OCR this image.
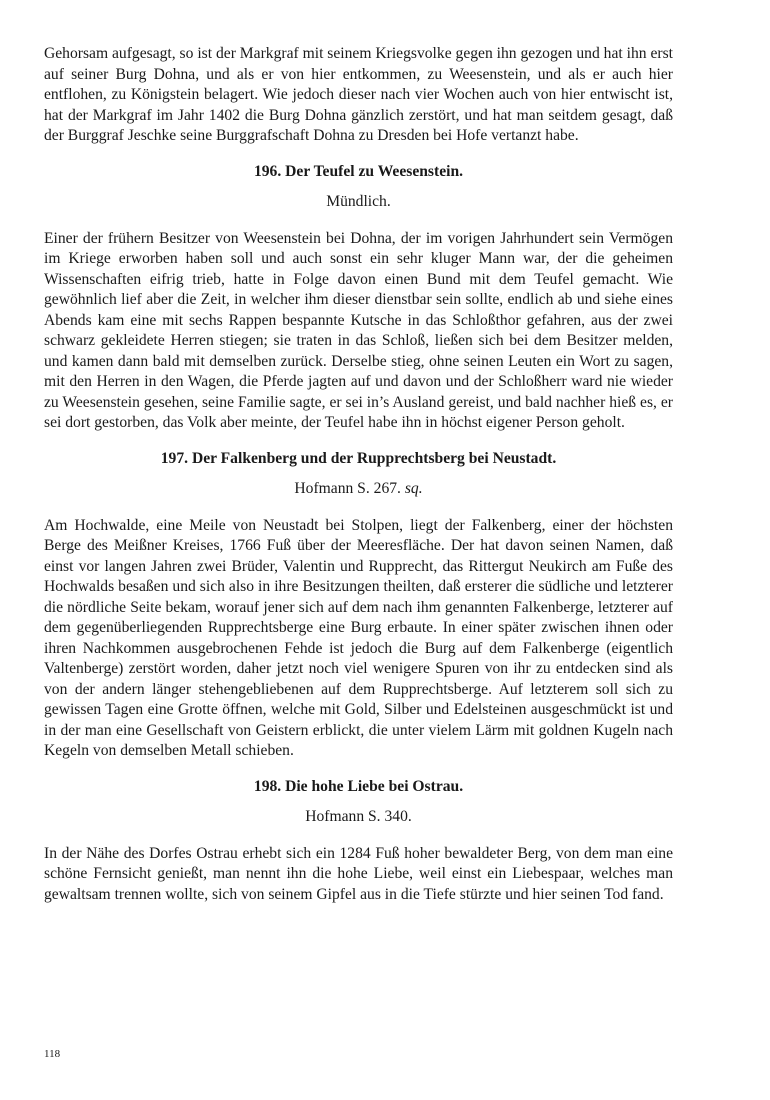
Gehorsam aufgesagt, so ist der Markgraf mit seinem Kriegsvolke gegen ihn gezogen und hat ihn erst auf seiner Burg Dohna, und als er von hier entkommen, zu Weesenstein, und als er auch hier entflohen, zu Königstein belagert. Wie jedoch dieser nach vier Wochen auch von hier entwischt ist, hat der Markgraf im Jahr 1402 die Burg Dohna gänzlich zerstört, und hat man seitdem gesagt, daß der Burggraf Jeschke seine Burggrafschaft Dohna zu Dresden bei Hofe vertanzt habe.

196. Der Teufel zu Weesenstein.
Mündlich.

Einer der frühern Besitzer von Weesenstein bei Dohna, der im vorigen Jahrhundert sein Vermögen im Kriege erworben haben soll und auch sonst ein sehr kluger Mann war, der die geheimen Wissenschaften eifrig trieb, hatte in Folge davon einen Bund mit dem Teufel gemacht. Wie gewöhnlich lief aber die Zeit, in welcher ihm dieser dienstbar sein sollte, endlich ab und siehe eines Abends kam eine mit sechs Rappen bespannte Kutsche in das Schloßthor gefahren, aus der zwei schwarz gekleidete Herren stiegen; sie traten in das Schloß, ließen sich bei dem Besitzer melden, und kamen dann bald mit demselben zurück. Derselbe stieg, ohne seinen Leuten ein Wort zu sagen, mit den Herren in den Wagen, die Pferde jagten auf und davon und der Schloßherr ward nie wieder zu Weesenstein gesehen, seine Familie sagte, er sei in’s Ausland gereist, und bald nachher hieß es, er sei dort gestorben, das Volk aber meinte, der Teufel habe ihn in höchst eigener Person geholt.

197. Der Falkenberg und der Rupprechtsberg bei Neustadt.
Hofmann S. 267. sq.

Am Hochwalde, eine Meile von Neustadt bei Stolpen, liegt der Falkenberg, einer der höchsten Berge des Meißner Kreises, 1766 Fuß über der Meeresfläche. Der hat davon seinen Namen, daß einst vor langen Jahren zwei Brüder, Valentin und Rupprecht, das Rittergut Neukirch am Fuße des Hochwalds besaßen und sich also in ihre Besitzungen theilten, daß ersterer die südliche und letzterer die nördliche Seite bekam, worauf jener sich auf dem nach ihm genannten Falkenberge, letzterer auf dem gegenüberliegenden Rupprechtsberge eine Burg erbaute. In einer später zwischen ihnen oder ihren Nachkommen ausgebrochenen Fehde ist jedoch die Burg auf dem Falkenberge (eigentlich Valtenberge) zerstört worden, daher jetzt noch viel wenigere Spuren von ihr zu entdecken sind als von der andern länger stehengebliebenen auf dem Rupprechtsberge. Auf letzterem soll sich zu gewissen Tagen eine Grotte öffnen, welche mit Gold, Silber und Edelsteinen ausgeschmückt ist und in der man eine Gesellschaft von Geistern erblickt, die unter vielem Lärm mit goldnen Kugeln nach Kegeln von demselben Metall schieben.

198. Die hohe Liebe bei Ostrau.
Hofmann S. 340.

In der Nähe des Dorfes Ostrau erhebt sich ein 1284 Fuß hoher bewaldeter Berg, von dem man eine schöne Fernsicht genießt, man nennt ihn die hohe Liebe, weil einst ein Liebespaar, welches man gewaltsam trennen wollte, sich von seinem Gipfel aus in die Tiefe stürzte und hier seinen Tod fand.

118
